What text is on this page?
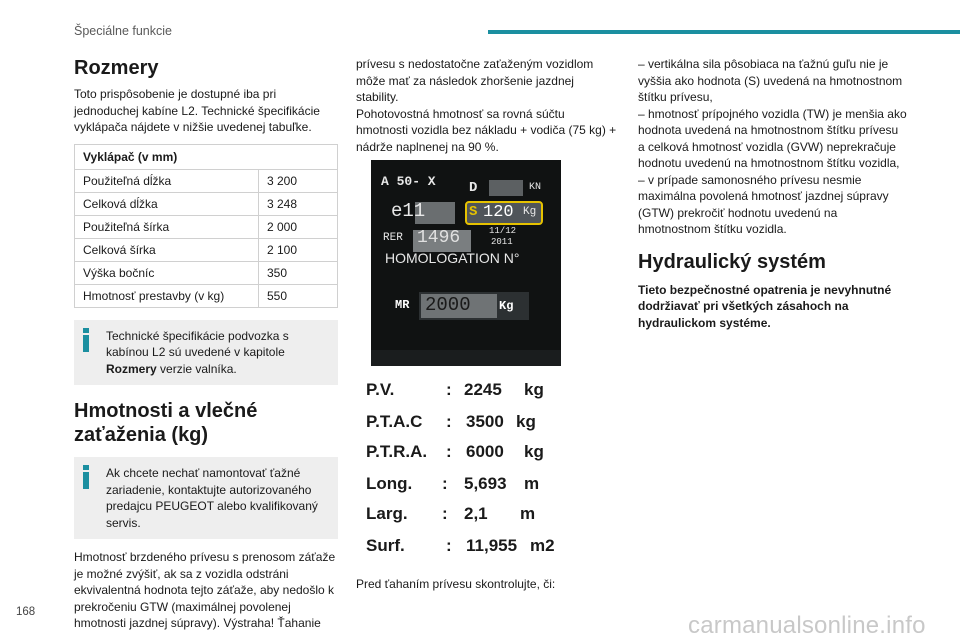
Špeciálne funkcie
Rozmery

Toto prispôsobenie je dostupné iba pri jednoduchej kabíne L2. Technické špecifikácie vyklápača nájdete v nižšie uvedenej tabuľke.

Vyklápač (v mm)	
Použiteľná dĺžka	3 200
Celková dĺžka	3 248
Použiteľná šírka	2 000
Celková šírka	2 100
Výška bočníc	350
Hmotnosť prestavby (v kg)	550
Technické špecifikácie podvozka s kabínou L2 sú uvedené v kapitole Rozmery verzie valníka.
Hmotnosti a vlečné zaťaženia (kg)
Ak chcete nechať namontovať ťažné zariadenie, kontaktujte autorizovaného predajcu PEUGEOT alebo kvalifikovaný servis.

Hmotnosť brzdeného prívesu s prenosom záťaže je možné zvýšiť, ak sa z vozidla odstráni ekvivalentná hodnota tejto záťaže, aby nedošlo k prekročeniu GTW (maximálnej povolenej hmotnosti jazdnej súpravy). Výstraha! Ťahanie

prívesu s nedostatočne zaťaženým vozidlom môže mať za následok zhoršenie jazdnej stability.

Pohotovostná hmotnosť sa rovná súčtu hmotnosti vozidla bez nákladu + vodiča (75 kg) + nádrže naplnenej na 90 %.

A 50- X D	KN
e11	S 120 Kg
RER 1496	11/12
2011
HOMOLOGATION N°
MR 2000 Kg
P.V.	: 2245 kg
P.T.A.C : 3500 kg
P.T.R.A. : 6000 kg
Long. : 5,693 m
Larg. : 2,1 m
Surf. : 11,955 m2

Pred ťahaním prívesu skontrolujte, či:

– vertikálna sila pôsobiaca na ťažnú guľu nie je vyššia ako hodnota (S) uvedená na hmotnostnom štítku prívesu,
– hmotnosť prípojného vozidla (TW) je menšia ako hodnota uvedená na hmotnostnom štítku prívesu a celková hmotnosť vozidla (GVW) neprekračuje hodnotu uvedenú na hmotnostnom štítku vozidla,
– v prípade samonosného prívesu nesmie maximálna povolená hmotnosť jazdnej súpravy (GTW) prekročiť hodnotu uvedenú na hmotnostnom štítku vozidla.

Hydraulický systém

Tieto bezpečnostné opatrenia je nevyhnutné dodržiavať pri všetkých zásahoch na hydraulickom systéme.

168	carmanualsonline.info
